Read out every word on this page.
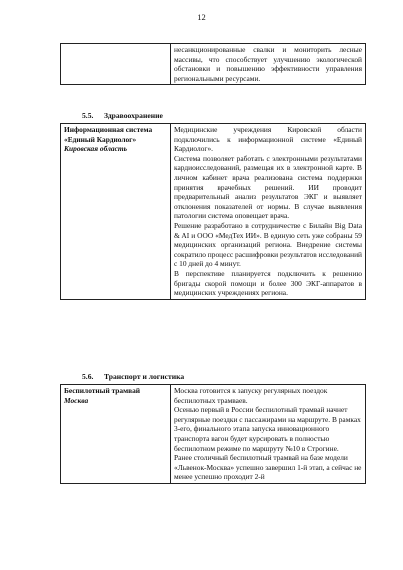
12

несанкционированные свалки и мониторить лесные массивы, что способствует улучшению экологической обстановки и повышению эффективности управления региональными ресурсами.

5.5. Здравоохранение
Информационная система «Единый Кардиолог»
Кировская область

Медицинские учреждения Кировской области подключились к информационной системе «Единый Кардиолог».

Система позволяет работать с электронными результатами кардиоисследований, размещая их в электронной карте. В личном кабинет врача реализована система поддержки принятия врачебных решений. ИИ проводит предварительный анализ результатов ЭКГ и выявляет отклонения показателей от нормы. В случае выявления патологии система оповещает врача.

Решение разработано в сотрудничестве с Билайн Big Data & AI и ООО «МедТех ИИ». В единую сеть уже собраны 59 медицинских организаций региона. Внедрение системы сократило процесс расшифровки результатов исследований с 10 дней до 4 минут.

В перспективе планируется подключить к решению бригады скорой помощи и более 300 ЭКГ-аппаратов в медицинских учреждениях региона.

5.6. Транспорт и логистика
Беспилотный трамвай
Москва

Москва готовится к запуску регулярных поездок беспилотных трамваев.

Осенью первый в России беспилотный трамвай начнет регулярные поездки с пассажирами на маршруте. В рамках 3-его, финального этапа запуска инновационного транспорта вагон будет курсировать в полностью беспилотном режиме по маршруту №10 в Строгине.

Ранее столичный беспилотный трамвай на базе модели «Львенок-Москва» успешно завершил 1-й этап, а сейчас не менее успешно проходит 2-й
